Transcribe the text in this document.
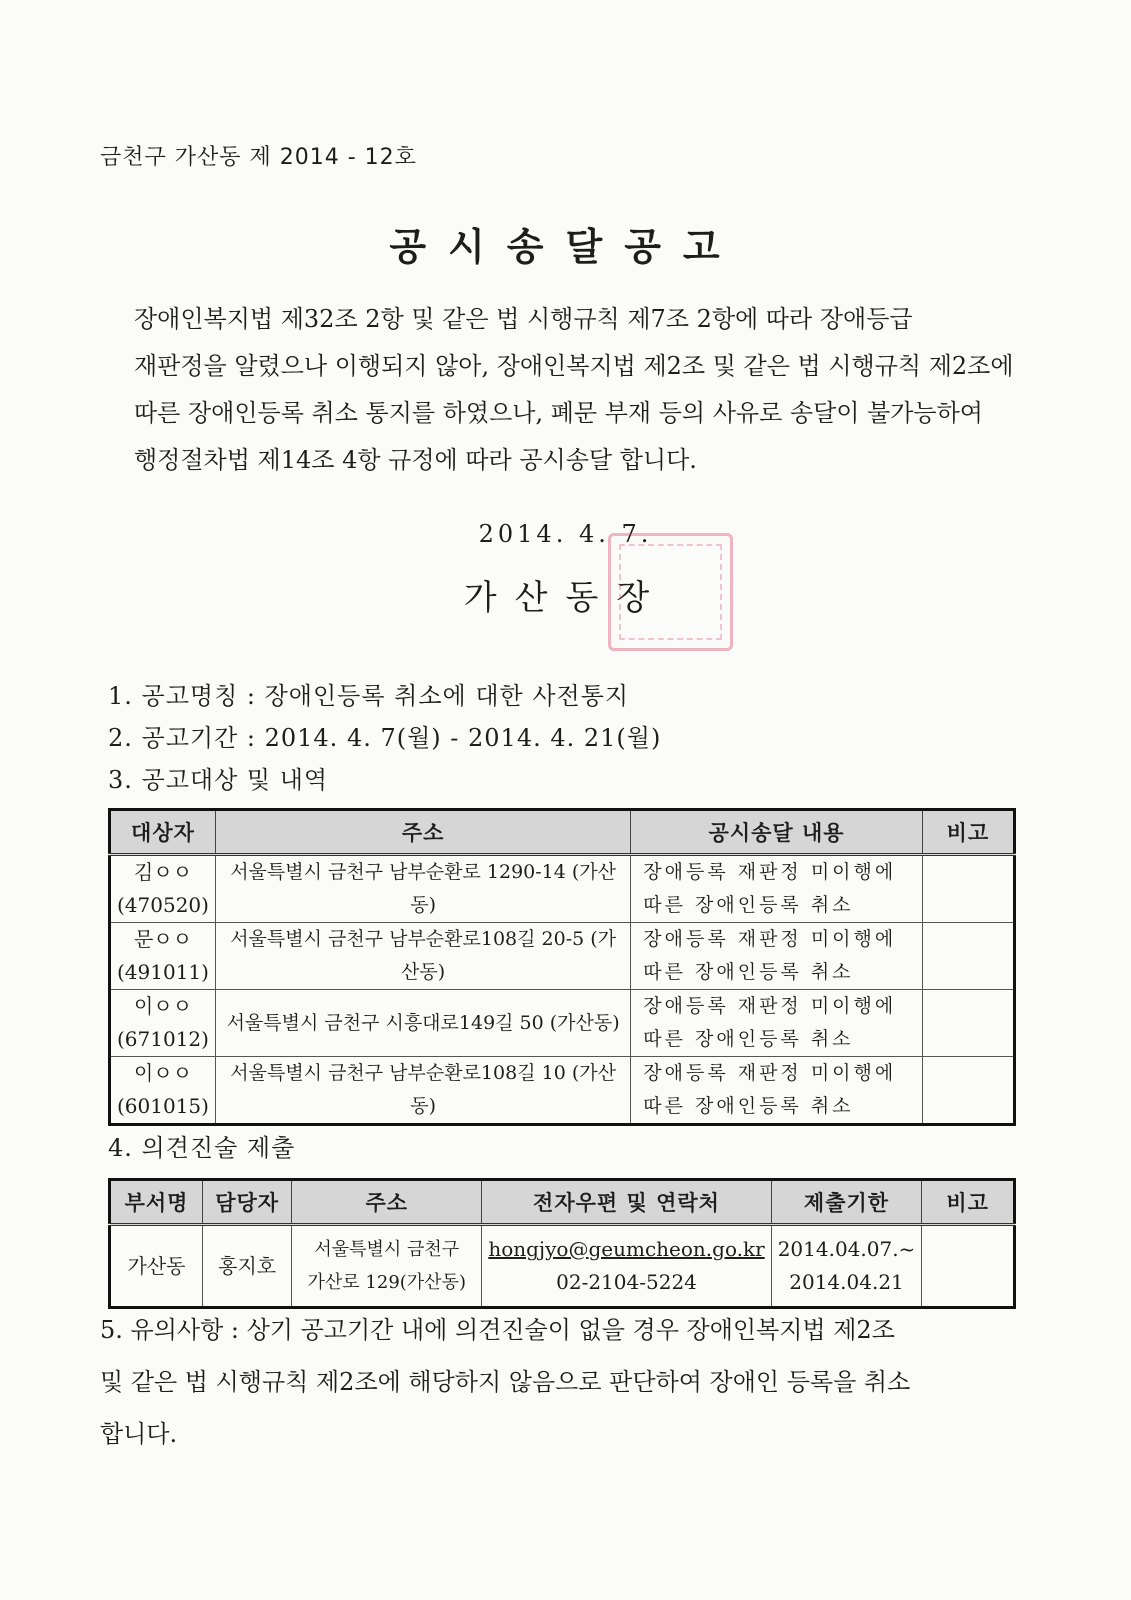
금천구 가산동 제 2014 - 12호
공시송달공고
장애인복지법 제32조 2항 및 같은 법 시행규칙 제7조 2항에 따라 장애등급
재판정을 알렸으나 이행되지 않아, 장애인복지법 제2조 및 같은 법 시행규칙 제2조에
따른 장애인등록 취소 통지를 하였으나, 폐문 부재 등의 사유로 송달이 불가능하여
행정절차법 제14조 4항 규정에 따라 공시송달 합니다.
2014. 4. 7.
가산동장
1. 공고명칭 : 장애인등록 취소에 대한 사전통지
2. 공고기간 : 2014. 4. 7(월) - 2014. 4. 21(월)
3. 공고대상 및 내역
대상자	주소	공시송달 내용	비고

김ㅇㅇ
(470520)	서울특별시 금천구 남부순환로 1290-14 (가산동)	장애등록 재판정 미이행에
따른 장애인등록 취소	

문ㅇㅇ
(491011)	서울특별시 금천구 남부순환로108길 20-5 (가산동)	장애등록 재판정 미이행에
따른 장애인등록 취소	

이ㅇㅇ
(671012)	서울특별시 금천구 시흥대로149길 50 (가산동)	장애등록 재판정 미이행에
따른 장애인등록 취소	

이ㅇㅇ
(601015)	서울특별시 금천구 남부순환로108길 10 (가산동)	장애등록 재판정 미이행에
따른 장애인등록 취소	

4. 의견진술 제출
부서명	담당자	주소	전자우편 및 연락처	제출기한	비고
가산동	홍지호	서울특별시 금천구
가산로 129(가산동)	hongjyo@geumcheon.go.kr
02-2104-5224	2014.04.07.~
2014.04.21	

5. 유의사항 : 상기 공고기간 내에 의견진술이 없을 경우 장애인복지법 제2조
및 같은 법 시행규칙 제2조에 해당하지 않음으로 판단하여 장애인 등록을 취소
합니다.
